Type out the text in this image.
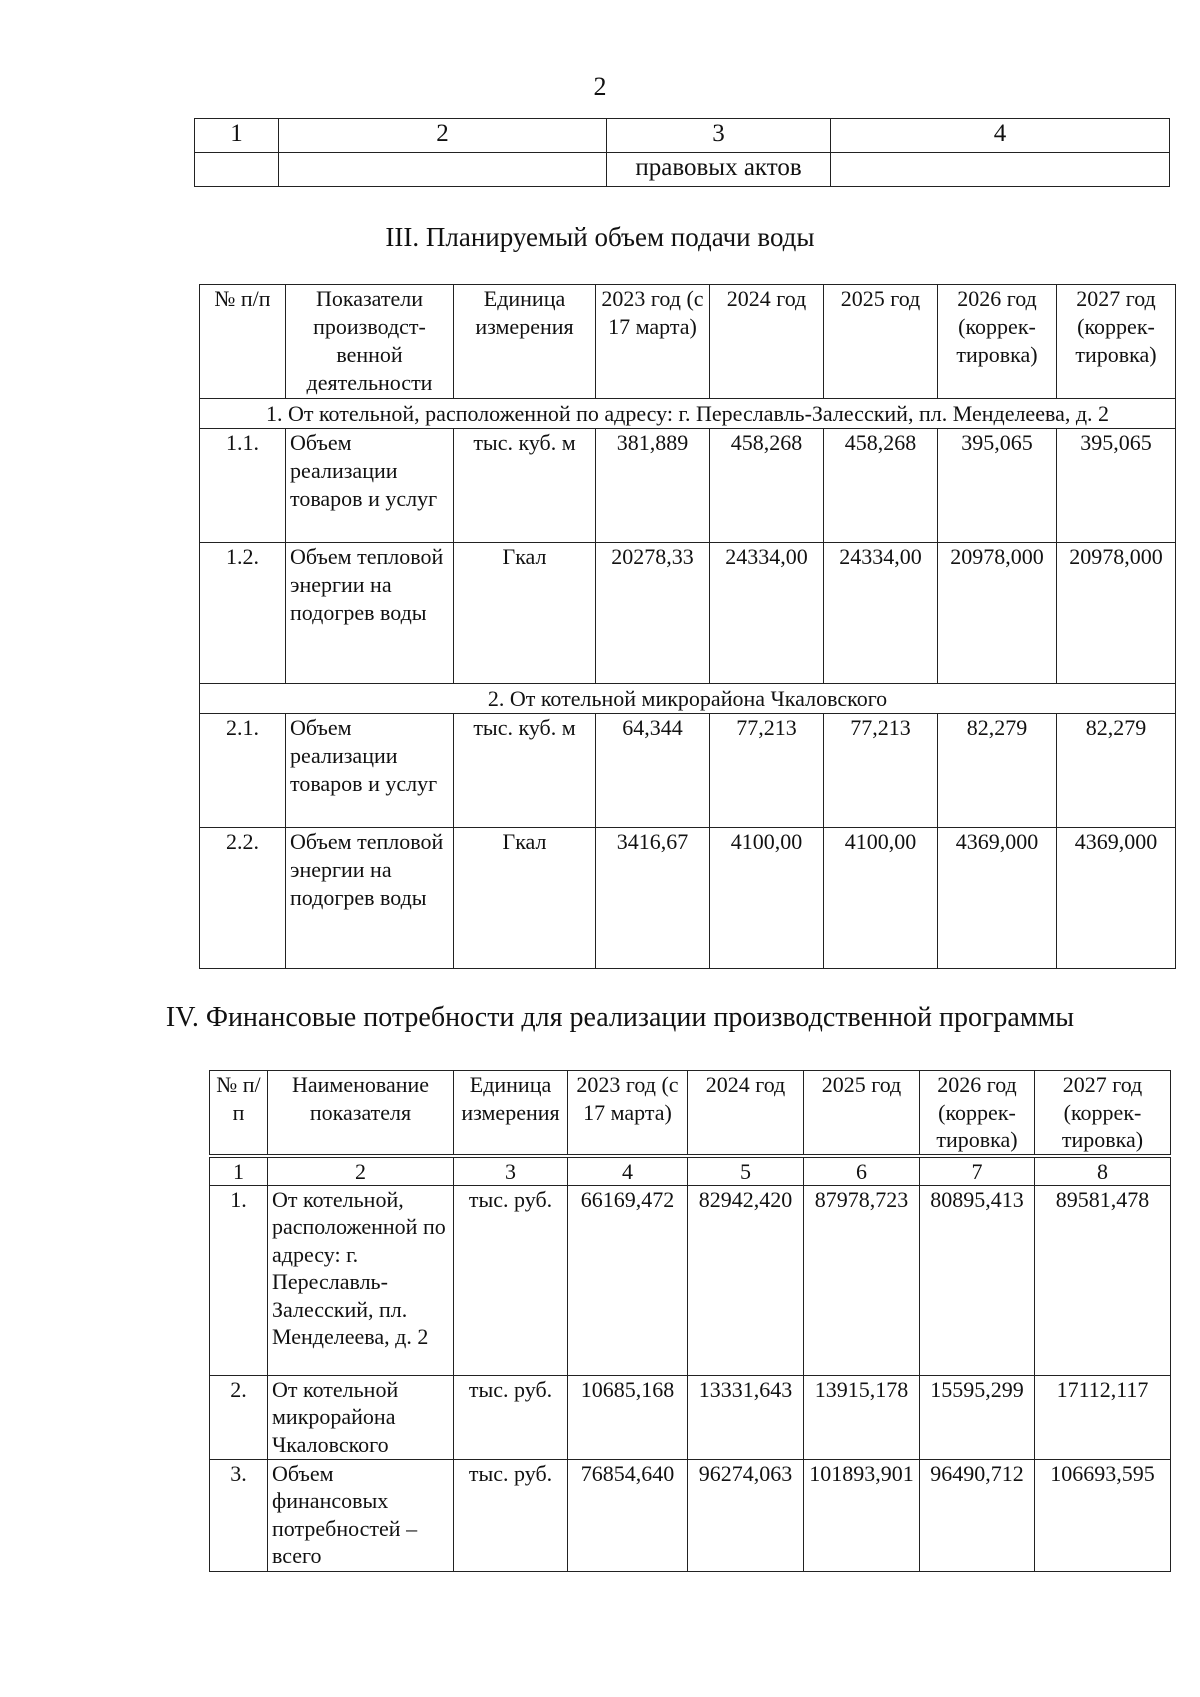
2
1	2	3	4
		правовых актов	
III. Планируемый объем подачи воды
№ п/п	Показатели производст-венной деятельности	Единица измерения	2023 год (с 17 марта)	2024 год	2025 год	2026 год (коррек-тировка)	2027 год (коррек-тировка)
1. От котельной, расположенной по адресу: г. Переславль-Залесский, пл. Менделеева, д. 2							
1.1.	Объем реализации товаров и услуг	тыс. куб. м	381,889	458,268	458,268	395,065	395,065
1.2.	Объем тепловой энергии на подогрев воды	Гкал	20278,33	24334,00	24334,00	20978,000	20978,000
2. От котельной микрорайона Чкаловского							
2.1.	Объем реализации товаров и услуг	тыс. куб. м	64,344	77,213	77,213	82,279	82,279
2.2.	Объем тепловой энергии на подогрев воды	Гкал	3416,67	4100,00	4100,00	4369,000	4369,000
IV. Финансовые потребности для реализации производственной программы
№ п/п	Наименование показателя	Единица измерения	2023 год (с 17 марта)	2024 год	2025 год	2026 год (коррек-тировка)	2027 год (коррек-тировка)
1	2	3	4	5	6	7	8
1.	От котельной, расположенной по адресу: г. Переславль-Залесский, пл. Менделеева, д. 2	тыс. руб.	66169,472	82942,420	87978,723	80895,413	89581,478
2.	От котельной микрорайона Чкаловского	тыс. руб.	10685,168	13331,643	13915,178	15595,299	17112,117
3.	Объем финансовых потребностей – всего	тыс. руб.	76854,640	96274,063	101893,901	96490,712	106693,595
